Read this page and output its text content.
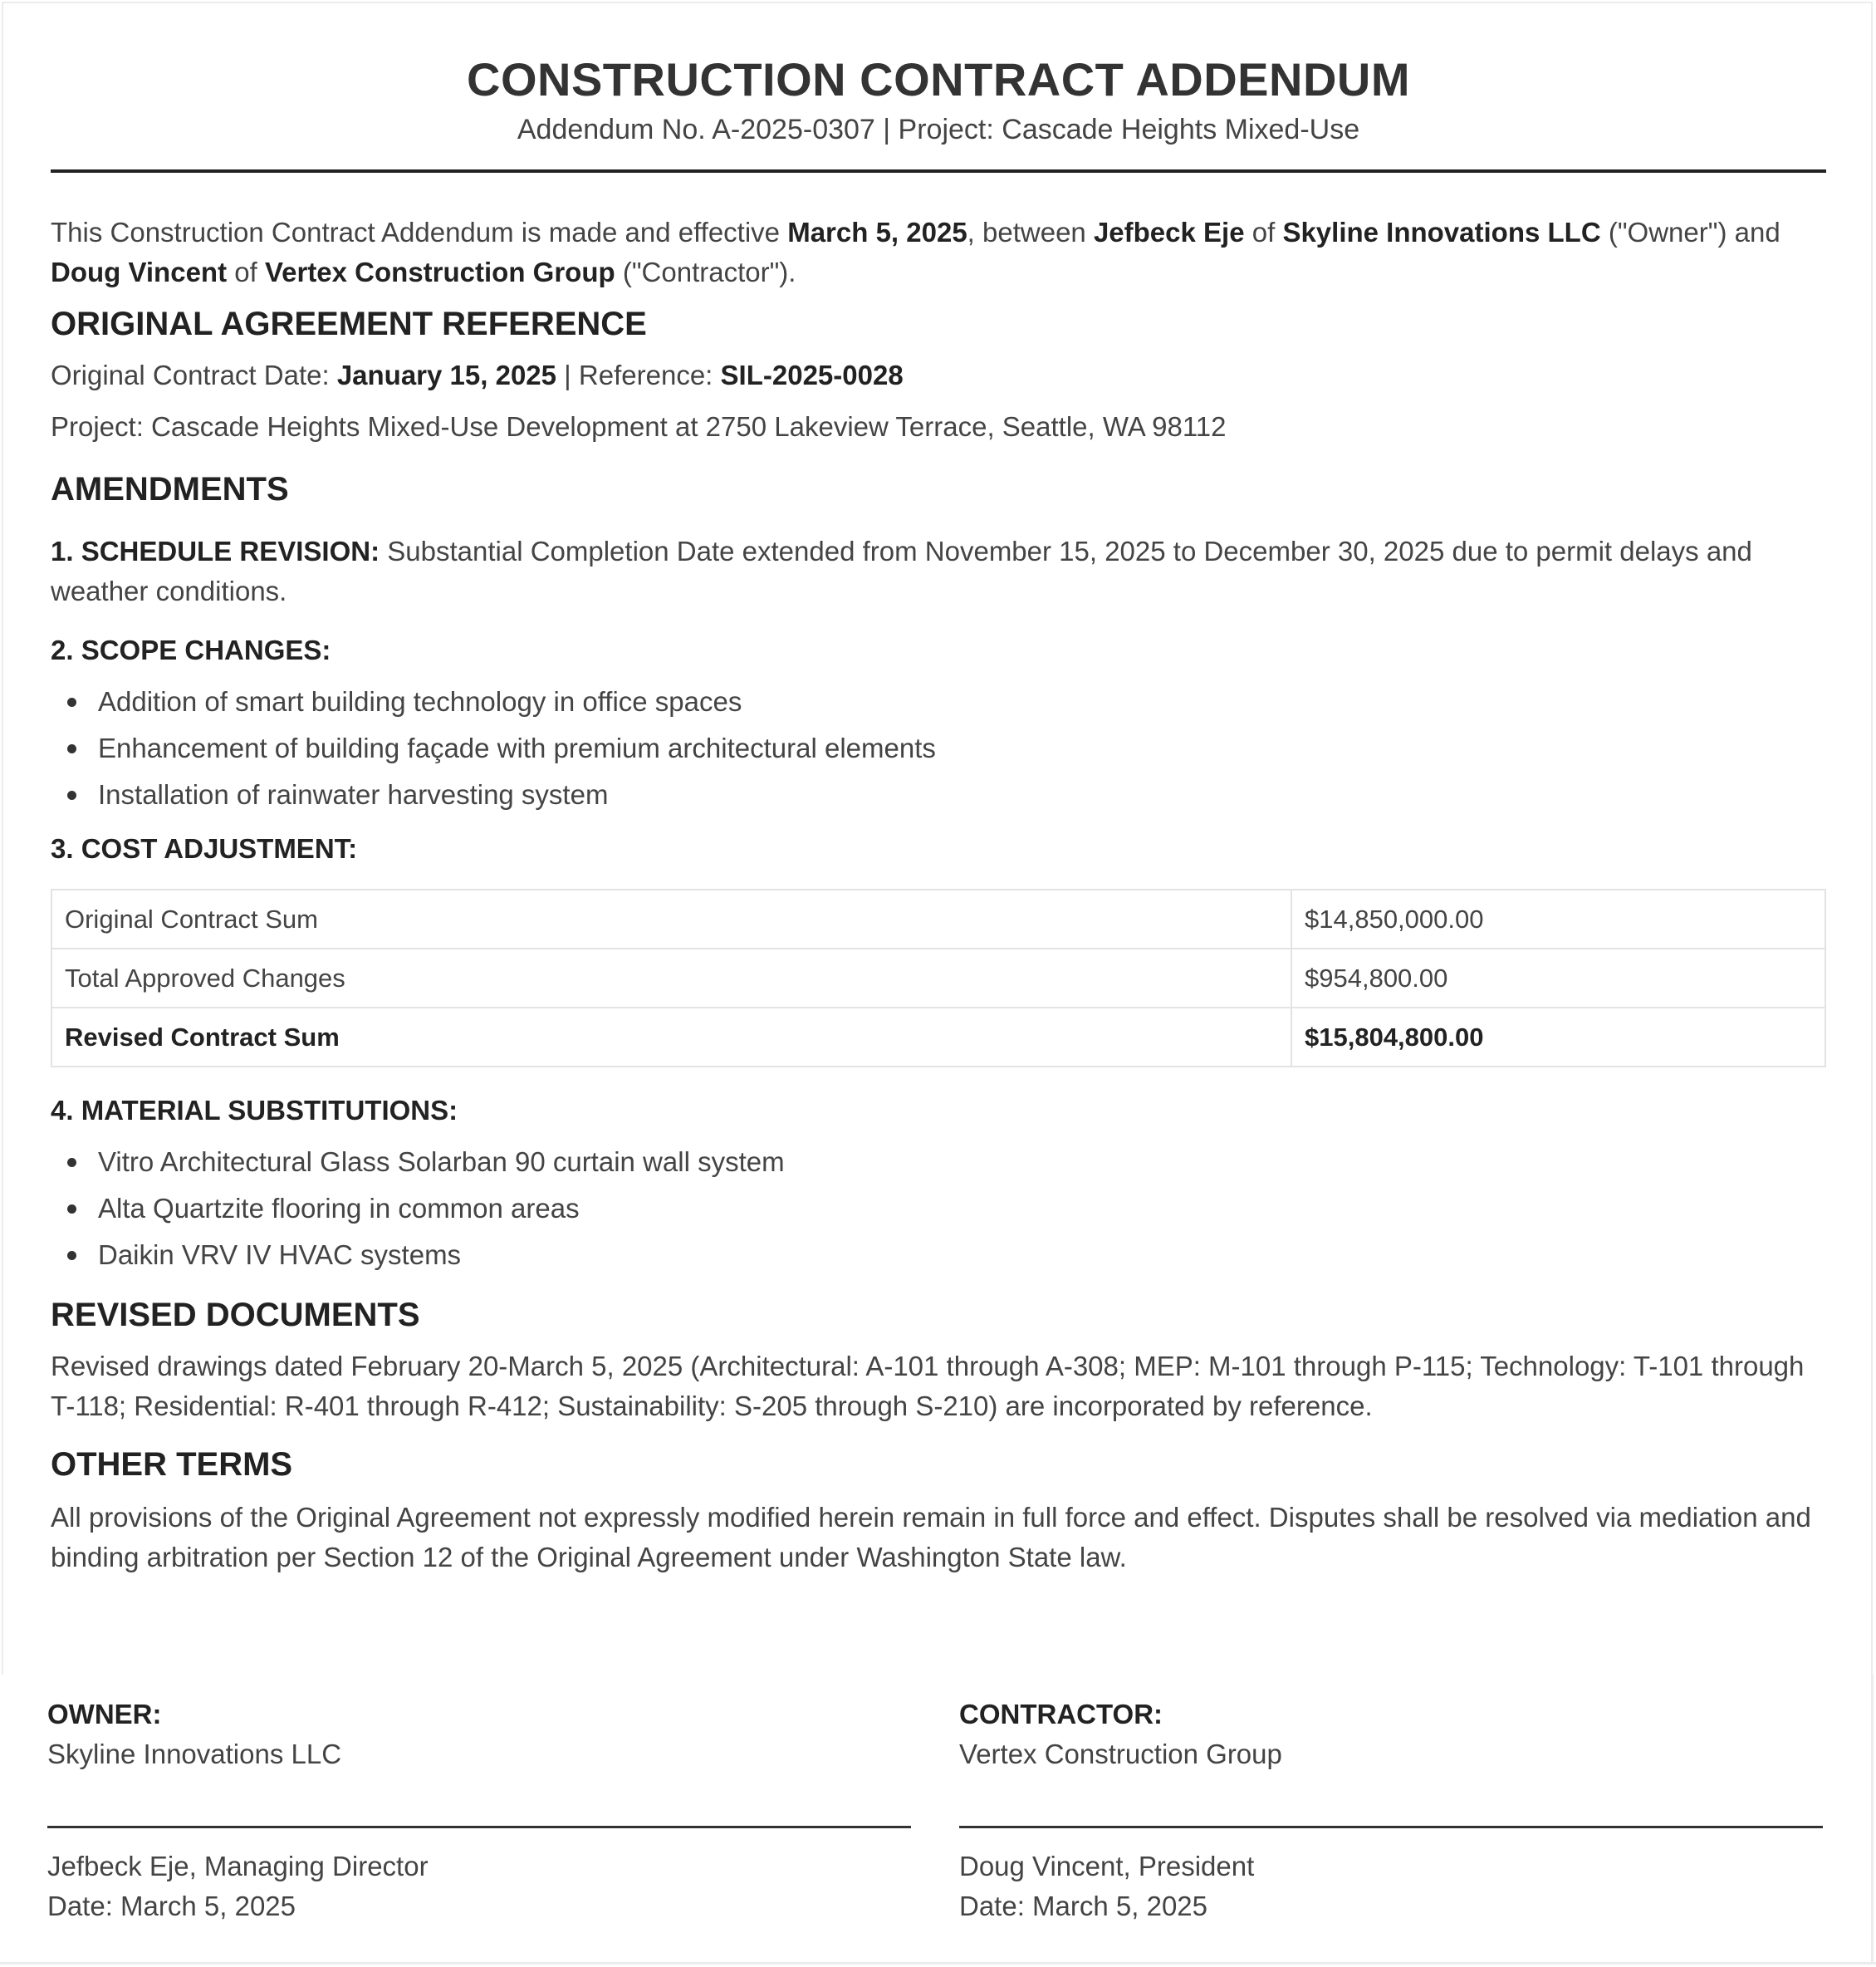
CONSTRUCTION CONTRACT ADDENDUM
Addendum No. A-2025-0307 | Project: Cascade Heights Mixed-Use

This Construction Contract Addendum is made and effective March 5, 2025, between Jefbeck Eje of Skyline Innovations LLC ("Owner") and Doug Vincent of Vertex Construction Group ("Contractor").

ORIGINAL AGREEMENT REFERENCE

Original Contract Date: January 15, 2025 | Reference: SIL-2025-0028

Project: Cascade Heights Mixed-Use Development at 2750 Lakeview Terrace, Seattle, WA 98112

AMENDMENTS

1. SCHEDULE REVISION: Substantial Completion Date extended from November 15, 2025 to December 30, 2025 due to permit delays and weather conditions.

2. SCOPE CHANGES:
Addition of smart building technology in office spaces
Enhancement of building façade with premium architectural elements
Installation of rainwater harvesting system
3. COST ADJUSTMENT:
Original Contract Sum	$14,850,000.00
Total Approved Changes	$954,800.00
Revised Contract Sum	$15,804,800.00
4. MATERIAL SUBSTITUTIONS:
Vitro Architectural Glass Solarban 90 curtain wall system
Alta Quartzite flooring in common areas
Daikin VRV IV HVAC systems
REVISED DOCUMENTS

Revised drawings dated February 20-March 5, 2025 (Architectural: A-101 through A-308; MEP: M-101 through P-115; Technology: T-101 through T-118; Residential: R-401 through R-412; Sustainability: S-205 through S-210) are incorporated by reference.

OTHER TERMS

All provisions of the Original Agreement not expressly modified herein remain in full force and effect. Disputes shall be resolved via mediation and binding arbitration per Section 12 of the Original Agreement under Washington State law.

OWNER:
Skyline Innovations LLC
Jefbeck Eje, Managing Director
Date: March 5, 2025
CONTRACTOR:
Vertex Construction Group
Doug Vincent, President
Date: March 5, 2025
